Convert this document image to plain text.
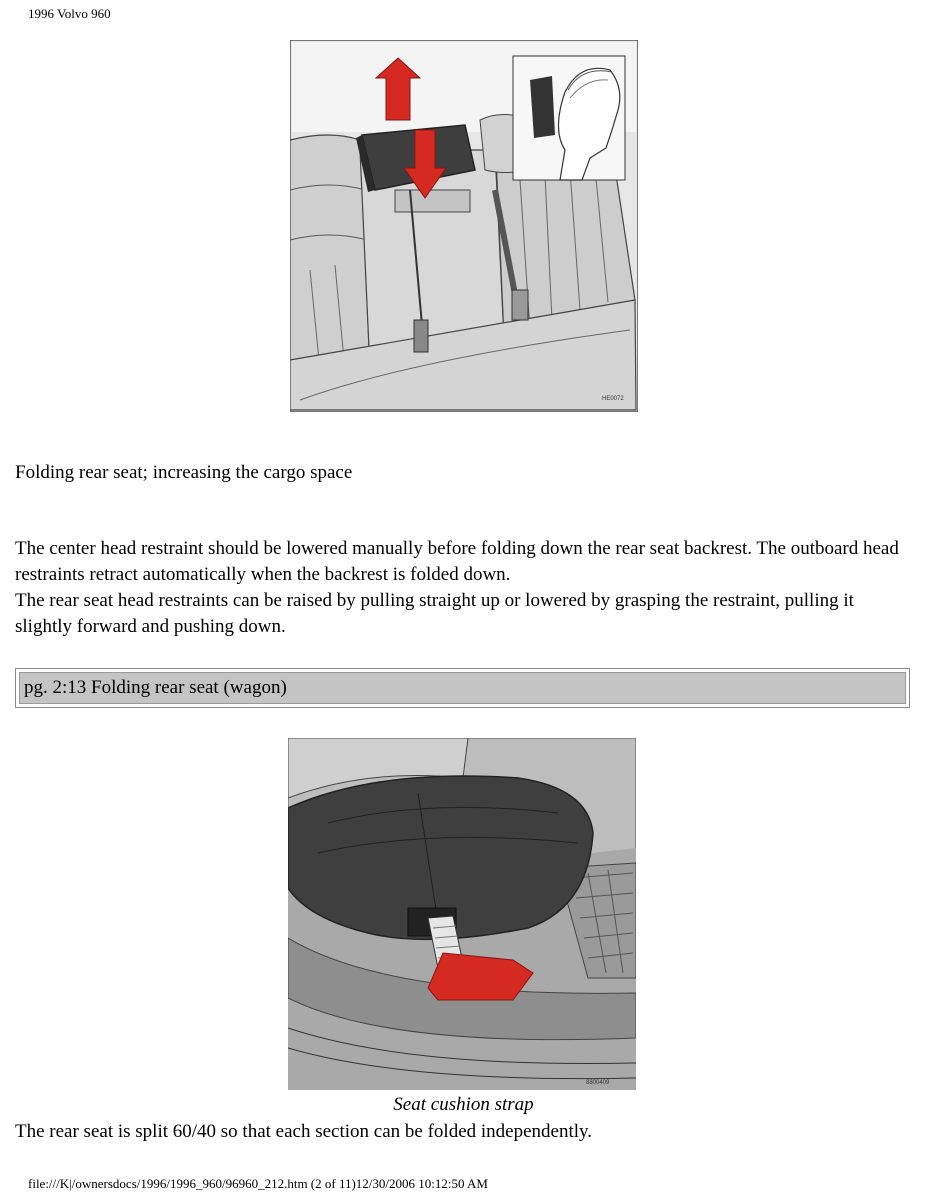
1996 Volvo 960
HE0072
Folding rear seat; increasing the cargo space
The center head restraint should be lowered manually before folding down the rear seat backrest. The outboard head restraints retract automatically when the backrest is folded down.
The rear seat head restraints can be raised by pulling straight up or lowered by grasping the restraint, pulling it slightly forward and pushing down.
pg. 2:13 Folding rear seat (wagon)
8800409
Seat cushion strap
The rear seat is split 60/40 so that each section can be folded independently.
file:///K|/ownersdocs/1996/1996_960/96960_212.htm (2 of 11)12/30/2006 10:12:50 AM
